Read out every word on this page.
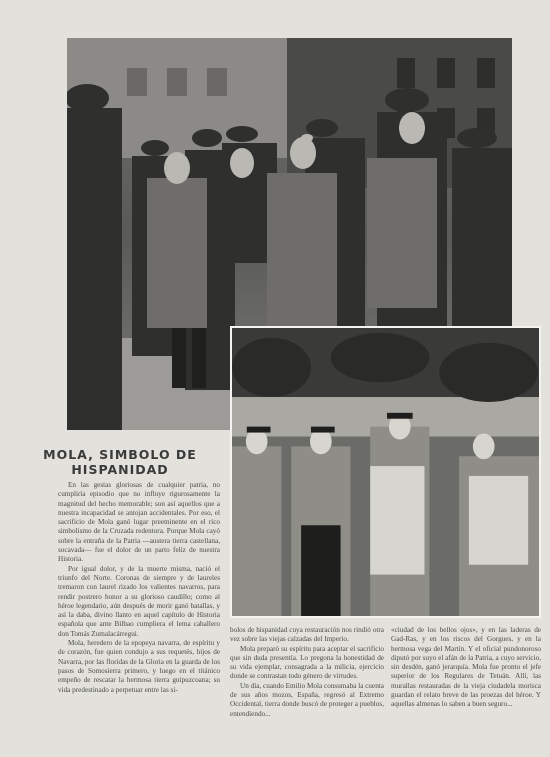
MOLA, SIMBOLO DE
HISPANIDAD

En las gestas gloriosas de cualquier patria, no cumpliría episodio que no influye rigurosamente la magnitud del hecho memorable; son así aquellos que a nuestra incapacidad se antojan accidentales. Por eso, el sacrificio de Mola ganó lugar preeminente en el rico simbolismo de la Cruzada redentora. Porque Mola cayó sobre la entraña de la Patria —austera tierra castellana, socavada— fue el dolor de un parto feliz de nuestra Historia.

Por igual dolor, y de la muerte misma, nació el triunfo del Norte. Coronas de siempre y de laureles tremaron con laurel rizado los valientes navarros, para rendir postrero honor a su glorioso caudillo; como al héroe legendario, aún después de morir ganó batallas, y así la daba, divino llanto en aquel capítulo de Historia española que ante Bilbao cumpliera el lema caballero don Tomás Zumalacárregui.

Mola, heredero de la epopeya navarra, de espíritu y de corazón, fue quien condujo a sus requetés, hijos de Navarra, por las floridas de la Gloria en la guarda de los pasos de Somosierra primero, y luego en el titánico empeño de rescatar la hermosa tierra guipuzcoana; su vida predestinado a perpetuar entre las si-

bolos de hispanidad cuya restauración nos rindió otra vez sobre las viejas calzadas del Imperio.

Mola preparó su espíritu para aceptar el sacrificio que sin duda presentía. Lo pregona la honestidad de su vida ejemplar, consagrada a la milicia, ejercicio donde se contrastan todo género de virtudes.

Un día, cuando Emilio Mola consumaba la cuenta de sus años mozos, España, regresó al Extremo Occidental, tierra donde buscó de proteger a pueblos, entendiendo...

«ciudad de los bellos ojos», y en las laderas de Gad-Ras, y en los riscos del Gorgues, y en la hermosa vega del Martín. Y el oficial pundonoroso diputó por suyo el afán de la Patria, a cuyo servicio, sin desdén, ganó jerarquía. Mola fue pronto el jefe superior de los Regulares de Tetuán. Allí, las murallas restauradas de la vieja ciudadela morisca guardan el relato breve de las proezas del héroe. Y aquellas almenas lo saben a buen seguro...
